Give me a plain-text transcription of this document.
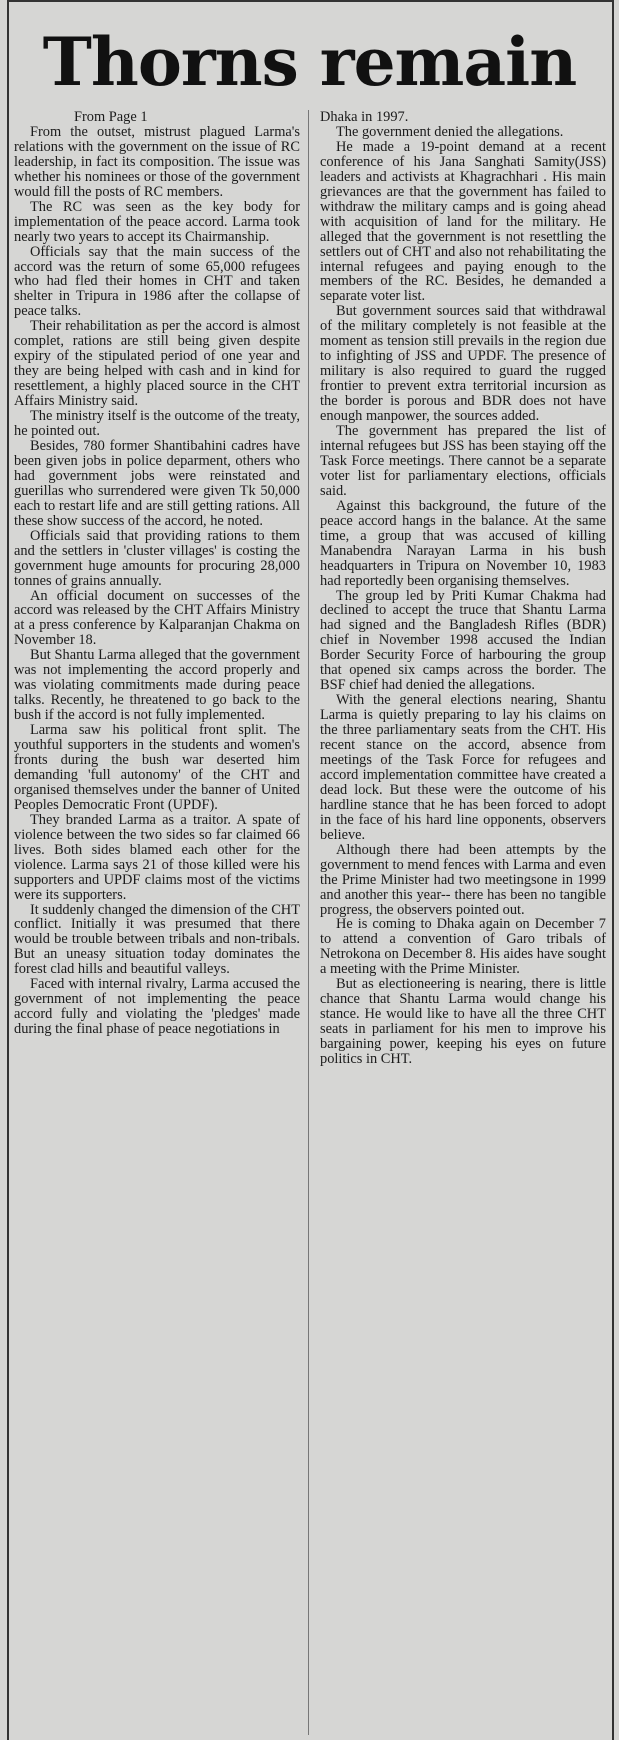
Thorns remain
From Page 1

From the outset, mistrust plagued Larma's relations with the government on the issue of RC leadership, in fact its composition. The issue was whether his nominees or those of the government would fill the posts of RC members.

The RC was seen as the key body for implementation of the peace accord. Larma took nearly two years to accept its Chairmanship.

Officials say that the main success of the accord was the return of some 65,000 refugees who had fled their homes in CHT and taken shelter in Tripura in 1986 after the collapse of peace talks.

Their rehabilitation as per the accord is almost complet, rations are still being given despite expiry of the stipulated period of one year and they are being helped with cash and in kind for resettlement, a highly placed source in the CHT Affairs Ministry said.

The ministry itself is the outcome of the treaty, he pointed out.

Besides, 780 former Shantibahini cadres have been given jobs in police deparment, others who had government jobs were reinstated and guerillas who surrendered were given Tk 50,000 each to restart life and are still getting rations. All these show success of the accord, he noted.

Officials said that providing rations to them and the settlers in 'cluster villages' is costing the government huge amounts for procuring 28,000 tonnes of grains annually.

An official document on successes of the accord was released by the CHT Affairs Ministry at a press conference by Kalparanjan Chakma on November 18.

But Shantu Larma alleged that the government was not implementing the accord properly and was violating commitments made during peace talks. Recently, he threatened to go back to the bush if the accord is not fully implemented.

Larma saw his political front split. The youthful supporters in the students and women's fronts during the bush war deserted him demanding 'full autonomy' of the CHT and organised themselves under the banner of United Peoples Democratic Front (UPDF).

They branded Larma as a traitor. A spate of violence between the two sides so far claimed 66 lives. Both sides blamed each other for the violence. Larma says 21 of those killed were his supporters and UPDF claims most of the victims were its supporters.

It suddenly changed the dimension of the CHT conflict. Initially it was presumed that there would be trouble between tribals and non-tribals. But an uneasy situation today dominates the forest clad hills and beautiful valleys.

Faced with internal rivalry, Larma accused the government of not implementing the peace accord fully and violating the 'pledges' made during the final phase of peace negotiations in

Dhaka in 1997.

The government denied the allegations.

He made a 19-point demand at a recent conference of his Jana Sanghati Samity(JSS) leaders and activists at Khagrachhari . His main grievances are that the government has failed to withdraw the military camps and is going ahead with acquisition of land for the military. He alleged that the government is not resettling the settlers out of CHT and also not rehabilitating the internal refugees and paying enough to the members of the RC. Besides, he demanded a separate voter list.

But government sources said that withdrawal of the military completely is not feasible at the moment as tension still prevails in the region due to infighting of JSS and UPDF. The presence of military is also required to guard the rugged frontier to prevent extra territorial incursion as the border is porous and BDR does not have enough manpower, the sources added.

The government has prepared the list of internal refugees but JSS has been staying off the Task Force meetings. There cannot be a separate voter list for parliamentary elections, officials said.

Against this background, the future of the peace accord hangs in the balance. At the same time, a group that was accused of killing Manabendra Narayan Larma in his bush headquarters in Tripura on November 10, 1983 had reportedly been organising themselves.

The group led by Priti Kumar Chakma had declined to accept the truce that Shantu Larma had signed and the Bangladesh Rifles (BDR) chief in November 1998 accused the Indian Border Security Force of harbouring the group that opened six camps across the border. The BSF chief had denied the allegations.

With the general elections nearing, Shantu Larma is quietly preparing to lay his claims on the three parliamentary seats from the CHT. His recent stance on the accord, absence from meetings of the Task Force for refugees and accord implementation committee have created a dead lock. But these were the outcome of his hardline stance that he has been forced to adopt in the face of his hard line opponents, observers believe.

Although there had been attempts by the government to mend fences with Larma and even the Prime Minister had two meetingsone in 1999 and another this year-- there has been no tangible progress, the observers pointed out.

He is coming to Dhaka again on December 7 to attend a convention of Garo tribals of Netrokona on December 8. His aides have sought a meeting with the Prime Minister.

But as electioneering is nearing, there is little chance that Shantu Larma would change his stance. He would like to have all the three CHT seats in parliament for his men to improve his bargaining power, keeping his eyes on future politics in CHT.
